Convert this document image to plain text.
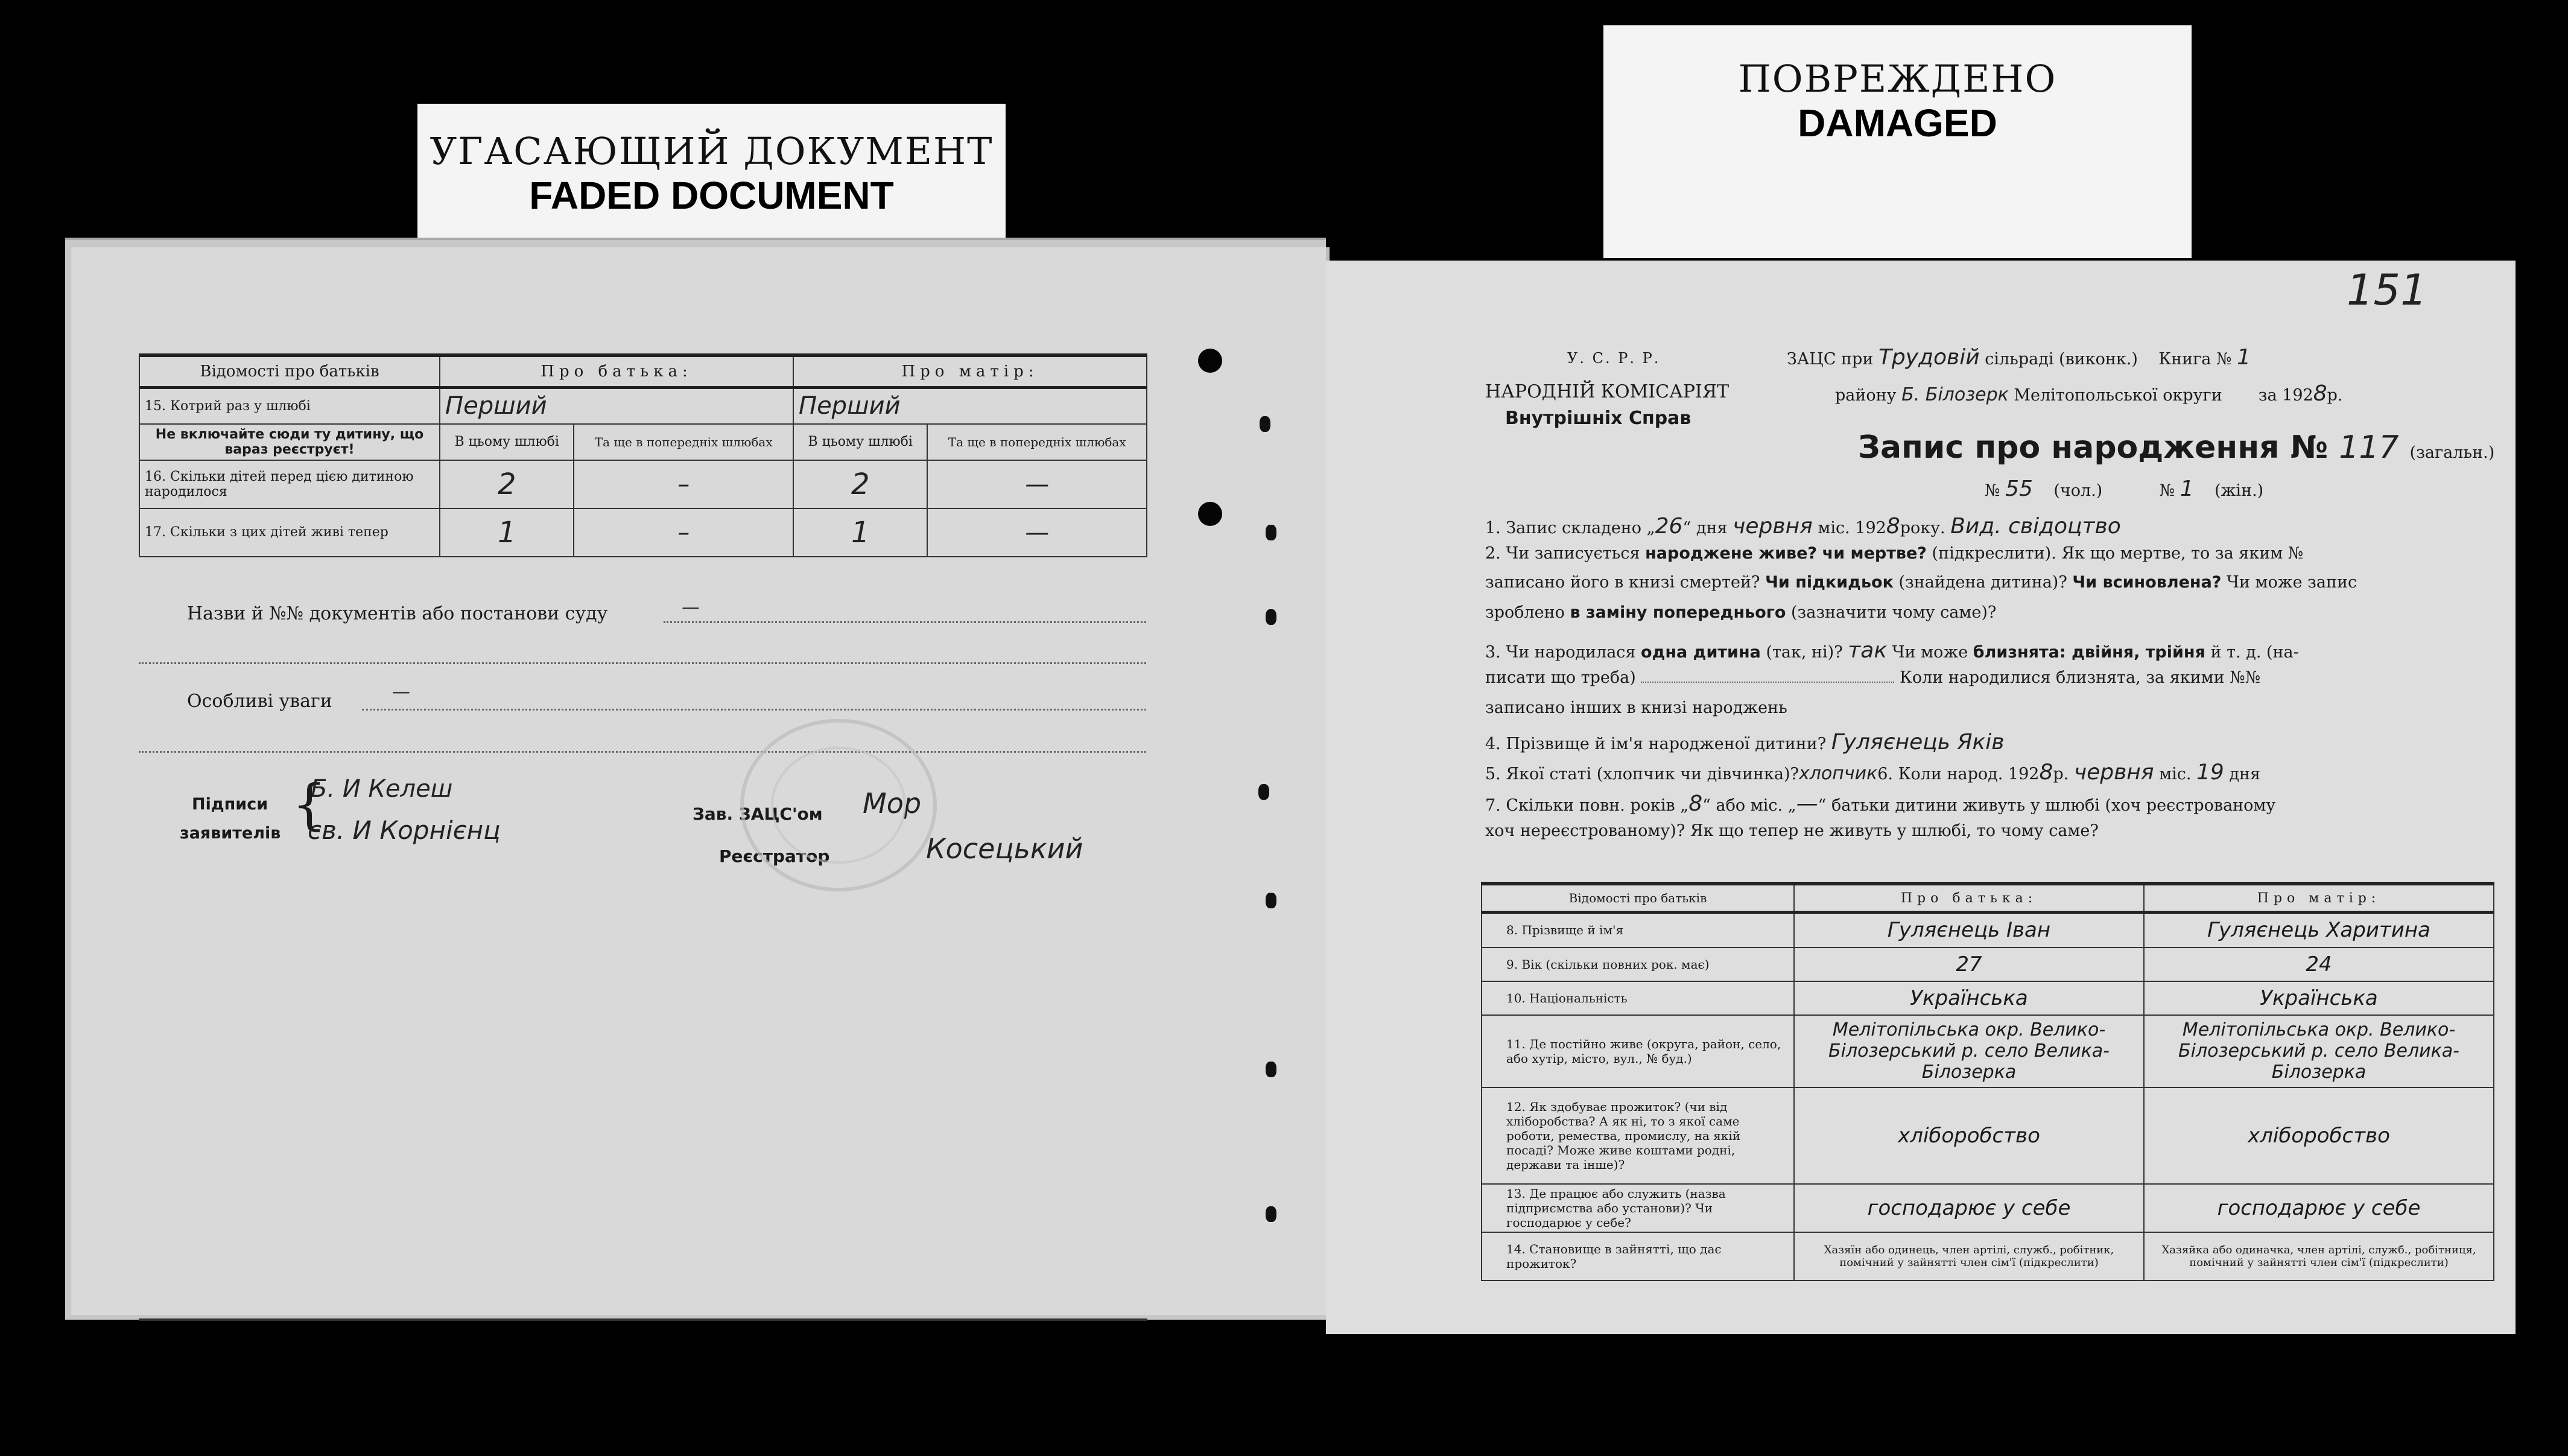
УГАСАЮЩИЙ ДОКУМЕНТ
FADED DOCUMENT
ПОВРЕЖДЕНО
DAMAGED
Відомості про батьків	Про батька:		Про матір:	
15. Котрий раз у шлюбі	Перший		Перший	
Не включайте сюди ту дитину, що вараз реєструєт!	В цьому шлюбі	Та ще в попередніх шлюбах	В цьому шлюбі	Та ще в попередніх шлюбах
16. Скільки дітей перед цією дитиною народилося	2	–	2	—
17. Скільки з цих дітей живі тепер	1	–	1	—
Назви й №№ документів або постанови суду	—
Особливі уваги	—
Підписи
заявителів {
Б. И Келеш
св. И Корнієнц
Зав. ЗАЦС'ом Мор
Реєстратор	Косецький
151
У. С. Р. Р.
НАРОДНІЙ КОМІСАРІЯТ
Внутрішніх Справ
ЗАЦС при Трудовій сільраді (виконк.) Книга № 1
району Б. Білозерк Мелітопольської округи за 1928р.
Запис про народження № 117 (загальн.)
№ 55 (чол.)	№ 1 (жін.)
1. Запис складено „26“ дня червня міс. 1928року. Вид. свідоцтво
2. Чи записується народжене живе? чи мертве? (підкреслити). Як що мертве, то за яким №
записано його в книзі смертей? Чи підкидьок (знайдена дитина)? Чи всиновлена? Чи може запис
зроблено в заміну попереднього (зазначити чому саме)?
3. Чи народилася одна дитина (так, ні)? так Чи може близнята: двійня, трійня й т. д. (на-
писати що треба)	Коли народилися близнята, за якими №№
записано інших в книзі народжень
4. Прізвище й ім'я народженої дитини? Гуляєнець Яків
5. Якої статі (хлопчик чи дівчинка)?хлопчик6. Коли народ. 1928р. червня міс. 19 дня
7. Скільки повн. років „8“ або міс. „—“ батьки дитини живуть у шлюбі (хоч реєстрованому
хоч нереєстрованому)? Як що тепер не живуть у шлюбі, то чому саме?
Відомості про батьків	Про батька:	Про матір:
8. Прізвище й ім'я	Гуляєнець Іван	Гуляєнець Харитина
9. Вік (скільки повних рок. має)	27	24
10. Національність	Українська	Українська
11. Де постійно живе (округа, район, село, або хутір, місто, вул., № буд.)	Мелітопільська окр. Велико-Білозерський р. село Велика-Білозерка	Мелітопільська окр. Велико-Білозерський р. село Велика-Білозерка
12. Як здобуває прожиток? (чи від хліборобства? А як ні, то з якої саме роботи, ремества, промислу, на якій посаді? Може живе коштами родні, держави та інше)?	хліборобство	хліборобство
13. Де працює або служить (назва підприємства або установи)? Чи господарює у себе?	господарює у себе	господарює у себе
14. Становище в зайнятті, що дає прожиток?	Хазяїн або одинець, член артілі, служб., робітник, помічний у зайнятті член сім'ї (підкреслити)	Хазяйка або одиначка, член артілі, служб., робітниця, помічний у зайнятті член сім'ї (підкреслити)
